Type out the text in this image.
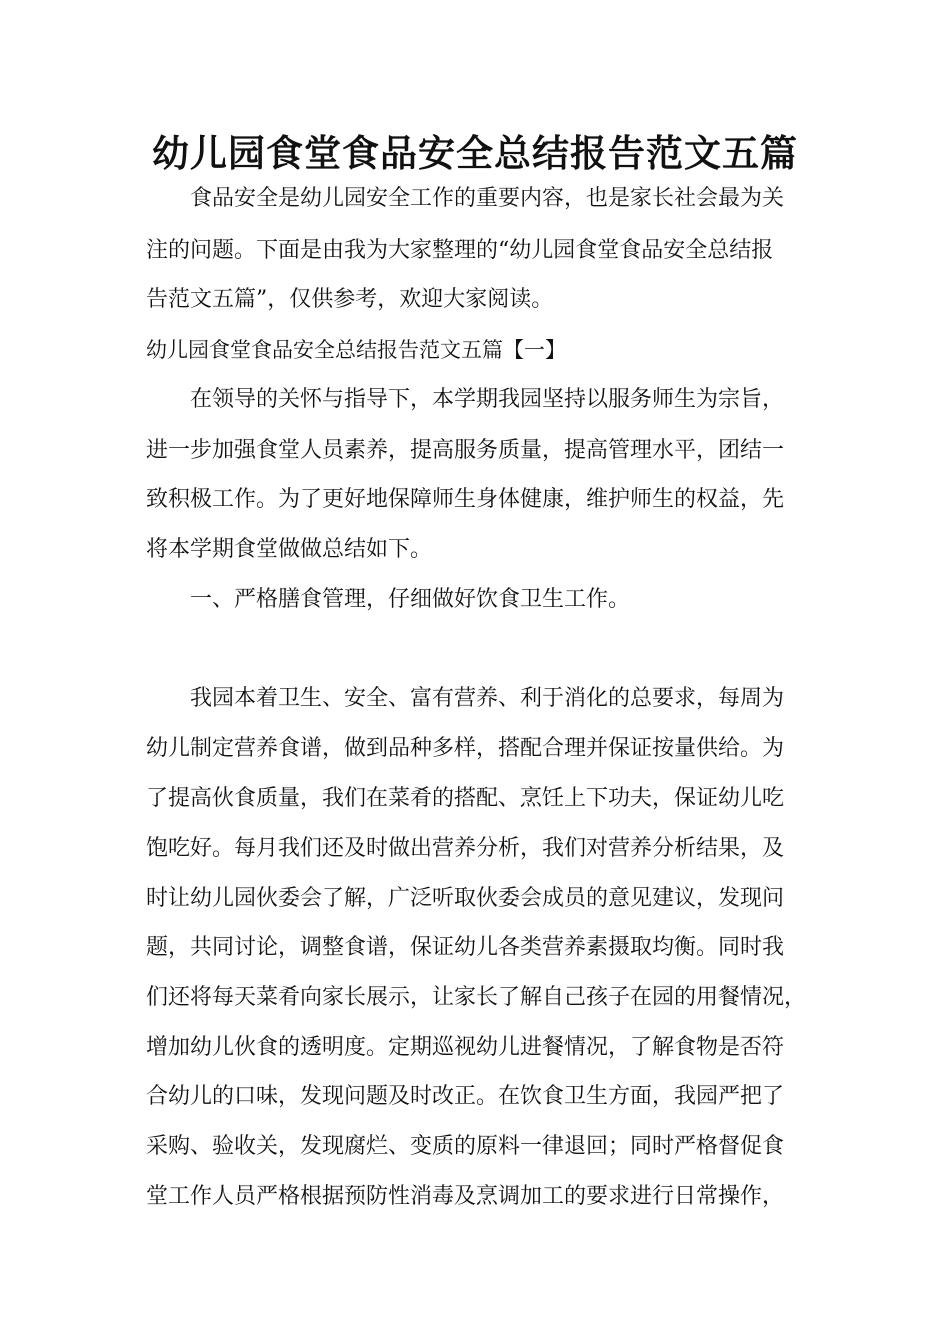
幼儿园食堂食品安全总结报告范文五篇

食品安全是幼儿园安全工作的重要内容，也是家长社会最为关

注的问题。下面是由我为大家整理的“幼儿园食堂食品安全总结报

告范文五篇”，仅供参考，欢迎大家阅读。

幼儿园食堂食品安全总结报告范文五篇【一】

在领导的关怀与指导下，本学期我园坚持以服务师生为宗旨，

进一步加强食堂人员素养，提高服务质量，提高管理水平，团结一

致积极工作。为了更好地保障师生身体健康，维护师生的权益，先

将本学期食堂做做总结如下。

一、严格膳食管理，仔细做好饮食卫生工作。

我园本着卫生、安全、富有营养、利于消化的总要求，每周为

幼儿制定营养食谱，做到品种多样，搭配合理并保证按量供给。为

了提高伙食质量，我们在菜肴的搭配、烹饪上下功夫，保证幼儿吃

饱吃好。每月我们还及时做出营养分析，我们对营养分析结果，及

时让幼儿园伙委会了解，广泛听取伙委会成员的意见建议，发现问

题，共同讨论，调整食谱，保证幼儿各类营养素摄取均衡。同时我

们还将每天菜肴向家长展示，让家长了解自己孩子在园的用餐情况，

增加幼儿伙食的透明度。定期巡视幼儿进餐情况，了解食物是否符

合幼儿的口味，发现问题及时改正。在饮食卫生方面，我园严把了

采购、验收关，发现腐烂、变质的原料一律退回；同时严格督促食

堂工作人员严格根据预防性消毒及烹调加工的要求进行日常操作，
